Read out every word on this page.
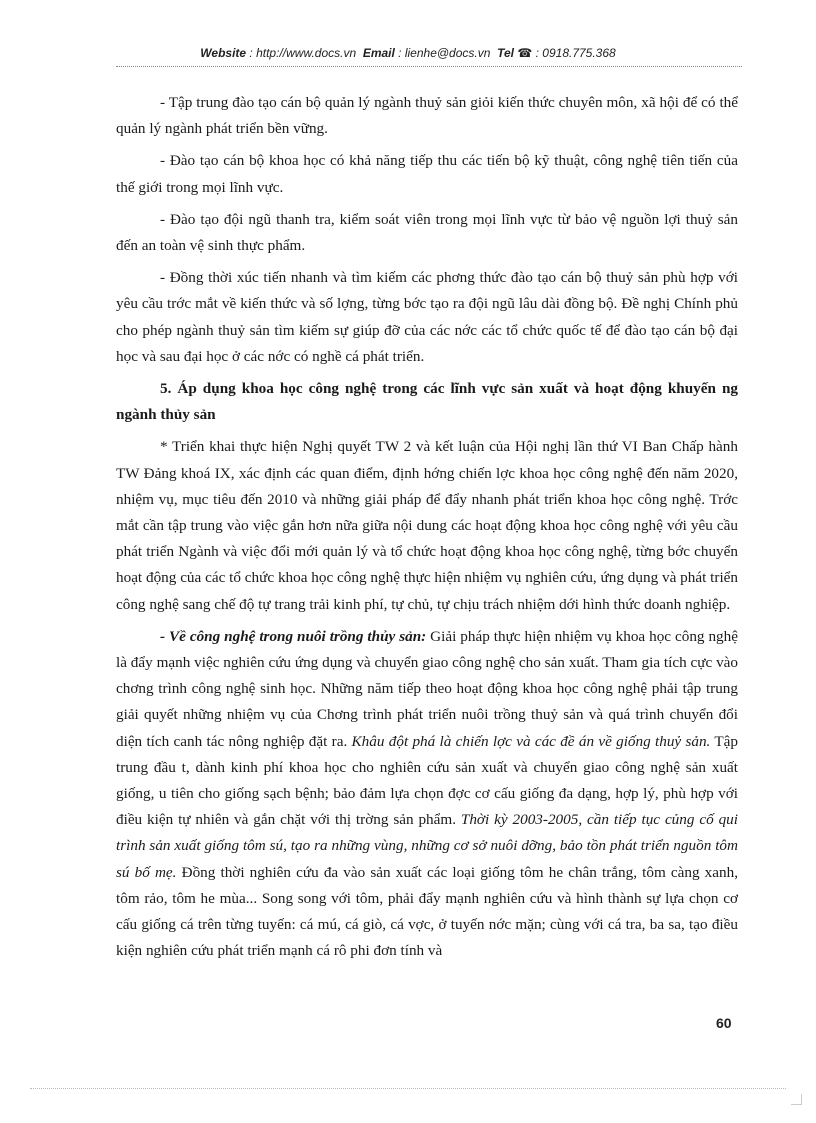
Website : http://www.docs.vn Email : lienhe@docs.vn Tel ☎ : 0918.775.368

- Tập trung đào tạo cán bộ quản lý ngành thuỷ sản giỏi kiến thức chuyên môn, xã hội để có thể quản lý ngành phát triển bền vững.

- Đào tạo cán bộ khoa học có khả năng tiếp thu các tiến bộ kỹ thuật, công nghệ tiên tiến của thế giới trong mọi lĩnh vực.

- Đào tạo đội ngũ thanh tra, kiểm soát viên trong mọi lĩnh vực từ bảo vệ nguồn lợi thuỷ sản đến an toàn vệ sinh thực phẩm.

- Đồng thời xúc tiến nhanh và tìm kiếm các phơng thức đào tạo cán bộ thuỷ sản phù hợp với yêu cầu trớc mắt về kiến thức và số lợng, từng bớc tạo ra đội ngũ lâu dài đồng bộ. Đề nghị Chính phủ cho phép ngành thuỷ sản tìm kiếm sự giúp đỡ của các nớc các tổ chức quốc tế để đào tạo cán bộ đại học và sau đại học ở các nớc có nghề cá phát triển.

5. Áp dụng khoa học công nghệ trong các lĩnh vực sản xuất và hoạt động khuyến ng ngành thủy sản

* Triển khai thực hiện Nghị quyết TW 2 và kết luận của Hội nghị lần thứ VI Ban Chấp hành TW Đảng khoá IX, xác định các quan điểm, định hớng chiến lợc khoa học công nghệ đến năm 2020, nhiệm vụ, mục tiêu đến 2010 và những giải pháp để đẩy nhanh phát triển khoa học công nghệ. Trớc mắt cần tập trung vào việc gắn hơn nữa giữa nội dung các hoạt động khoa học công nghệ với yêu cầu phát triển Ngành và việc đổi mới quản lý và tổ chức hoạt động khoa học công nghệ, từng bớc chuyển hoạt động của các tổ chức khoa học công nghệ thực hiện nhiệm vụ nghiên cứu, ứng dụng và phát triển công nghệ sang chế độ tự trang trải kinh phí, tự chủ, tự chịu trách nhiệm dới hình thức doanh nghiệp.

- Về công nghệ trong nuôi trồng thủy sản: Giải pháp thực hiện nhiệm vụ khoa học công nghệ là đẩy mạnh việc nghiên cứu ứng dụng và chuyển giao công nghệ cho sản xuất. Tham gia tích cực vào chơng trình công nghệ sinh học. Những năm tiếp theo hoạt động khoa học công nghệ phải tập trung giải quyết những nhiệm vụ của Chơng trình phát triển nuôi trồng thuỷ sản và quá trình chuyển đổi diện tích canh tác nông nghiệp đặt ra. Khâu đột phá là chiến lợc và các đề án về giống thuỷ sản. Tập trung đầu t, dành kinh phí khoa học cho nghiên cứu sản xuất và chuyển giao công nghệ sản xuất giống, u tiên cho giống sạch bệnh; bảo đảm lựa chọn đợc cơ cấu giống đa dạng, hợp lý, phù hợp với điều kiện tự nhiên và gắn chặt với thị trờng sản phẩm. Thời kỳ 2003-2005, cần tiếp tục củng cố qui trình sản xuất giống tôm sú, tạo ra những vùng, những cơ sở nuôi dỡng, bảo tồn phát triển nguồn tôm sú bố mẹ. Đồng thời nghiên cứu đa vào sản xuất các loại giống tôm he chân trắng, tôm càng xanh, tôm rảo, tôm he mùa... Song song với tôm, phải đẩy mạnh nghiên cứu và hình thành sự lựa chọn cơ cấu giống cá trên từng tuyến: cá mú, cá giò, cá vợc, ở tuyến nớc mặn; cùng với cá tra, ba sa, tạo điều kiện nghiên cứu phát triển mạnh cá rô phi đơn tính và

60
